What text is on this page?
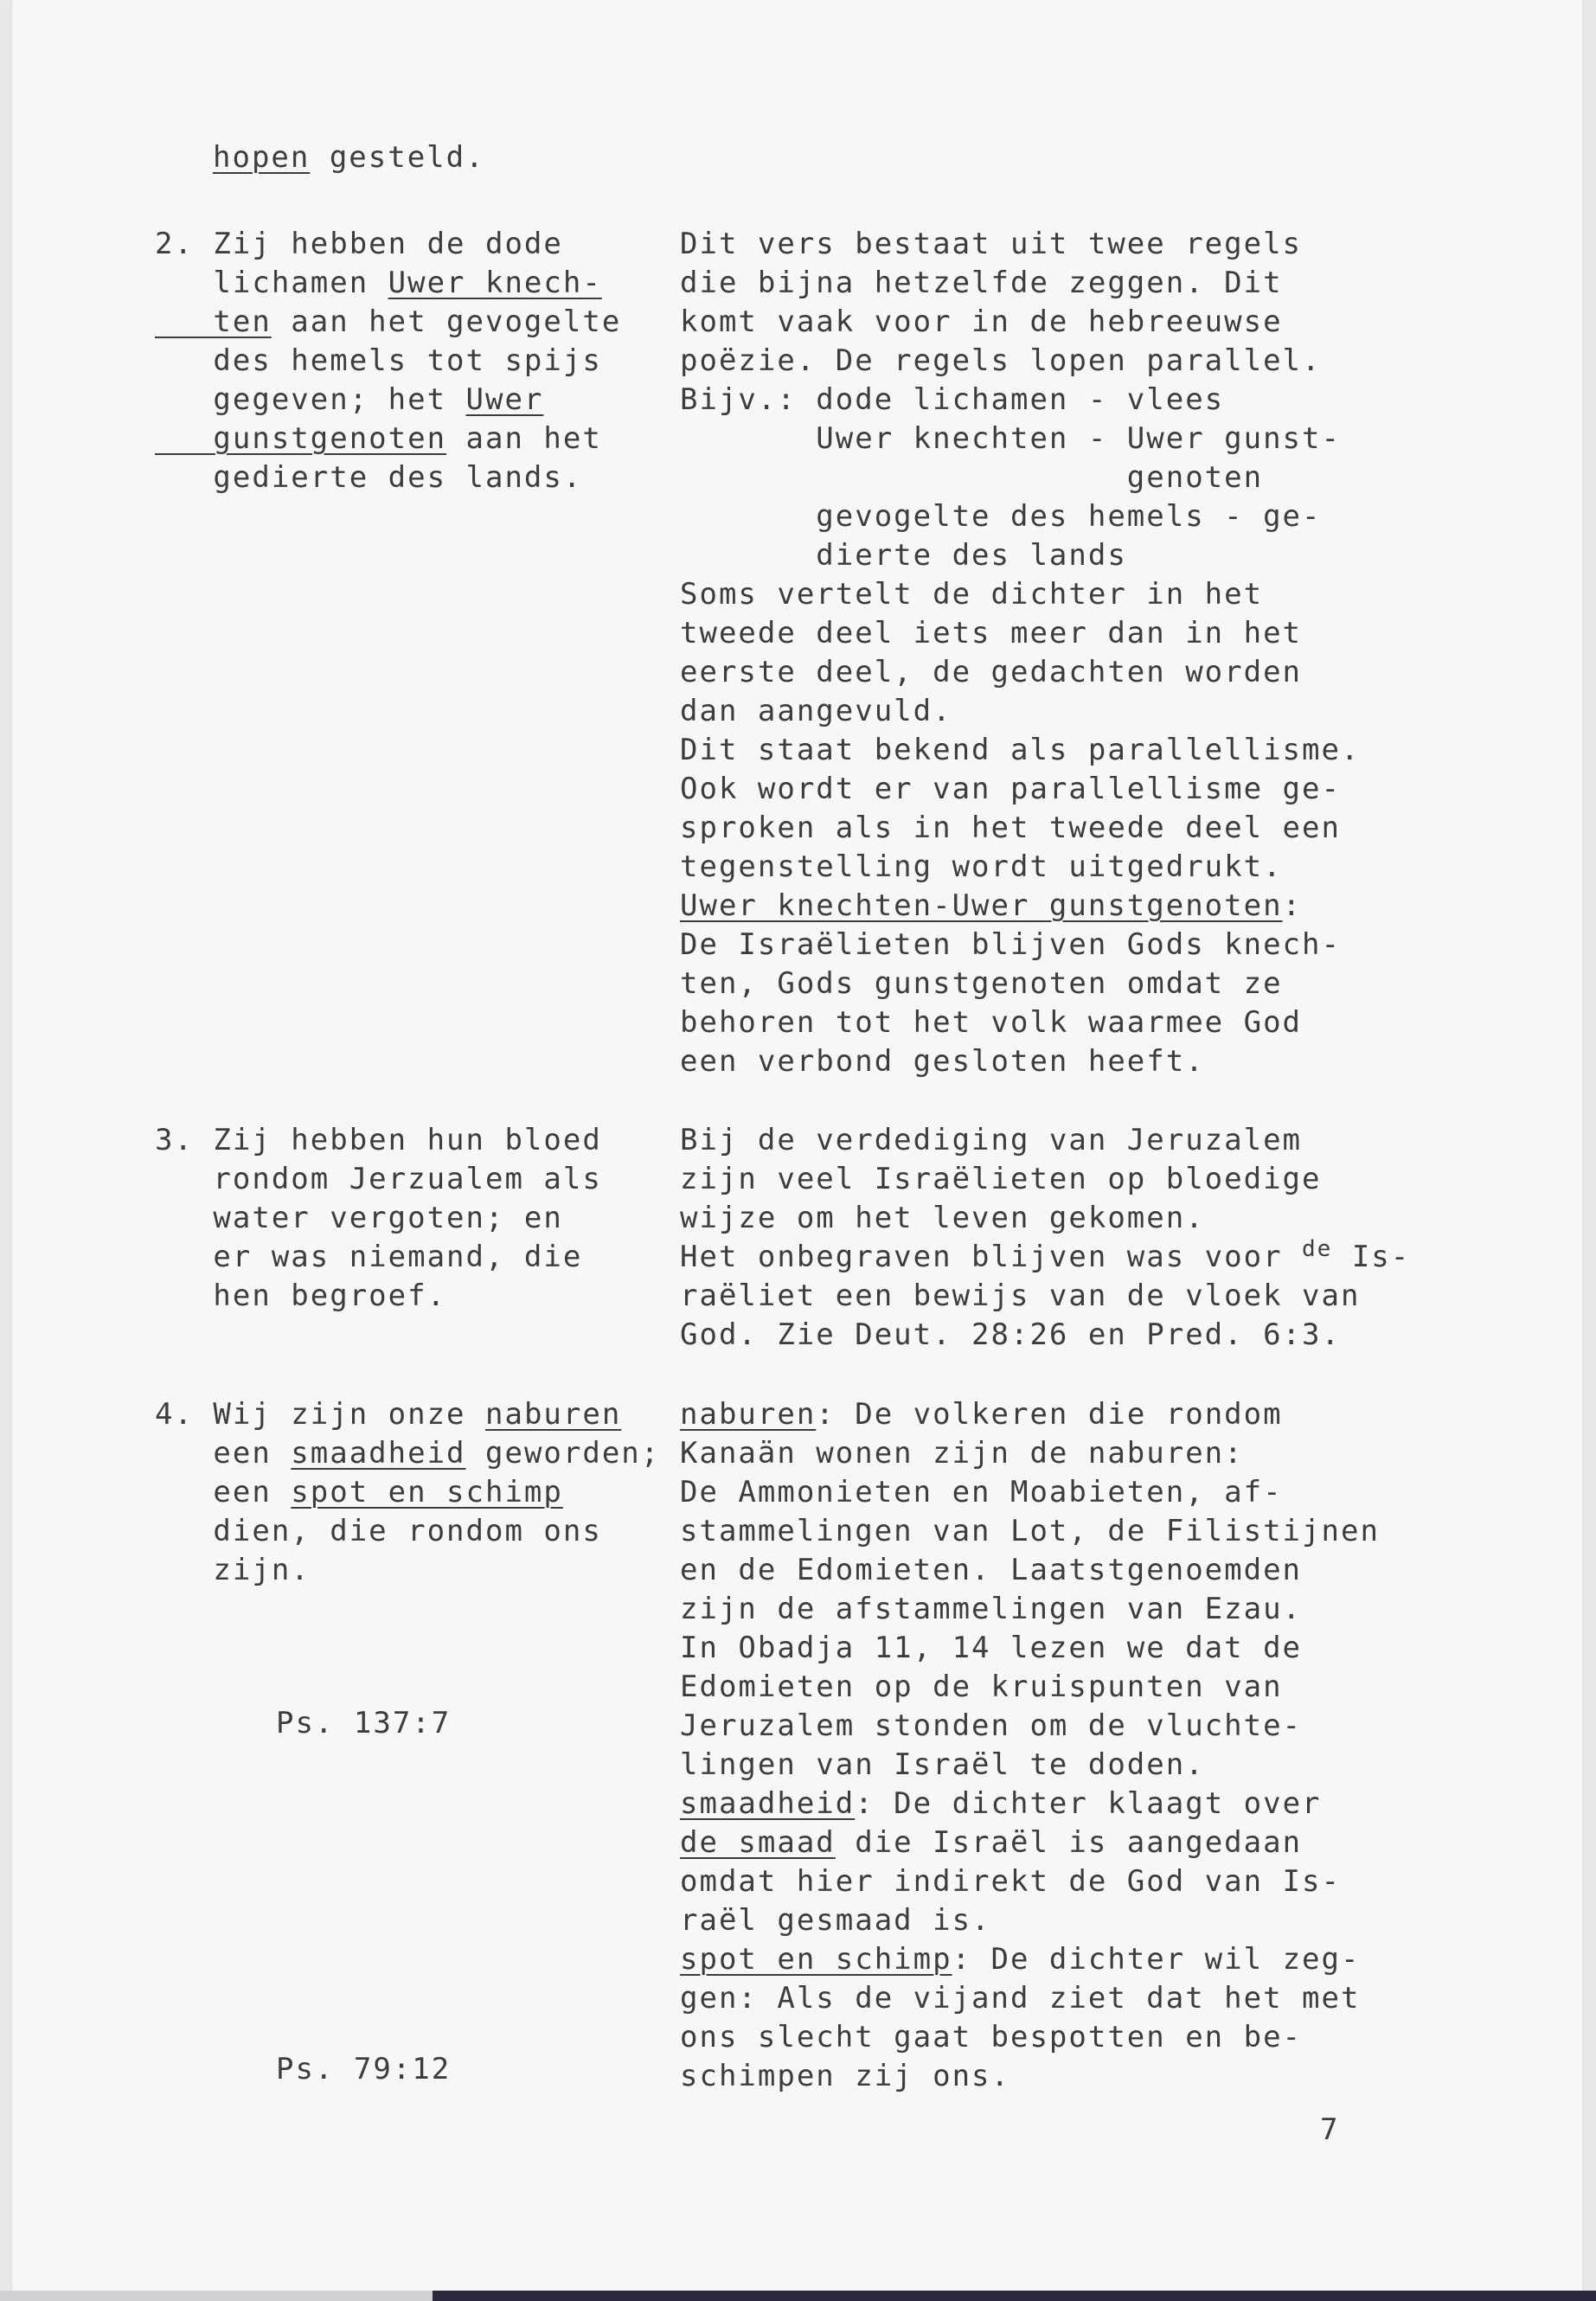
hopen gesteld.
2. Zij hebben de dode
lichamen Uwer knech-
ten aan het gevogelte
des hemels tot spijs
gegeven; het Uwer
gunstgenoten aan het
gedierte des lands.
3. Zij hebben hun bloed
rondom Jerzualem als
water vergoten; en
er was niemand, die
hen begroef.
4. Wij zijn onze naburen
een smaadheid geworden;
een spot en schimp
dien, die rondom ons
zijn.
Ps. 137:7
Ps. 79:12
Dit vers bestaat uit twee regels
die bijna hetzelfde zeggen. Dit
komt vaak voor in de hebreeuwse
poëzie. De regels lopen parallel.
Bijv.: dode lichamen - vlees
Uwer knechten - Uwer gunst-
genoten
gevogelte des hemels - ge-
dierte des lands
Soms vertelt de dichter in het
tweede deel iets meer dan in het
eerste deel, de gedachten worden
dan aangevuld.
Dit staat bekend als parallellisme.
Ook wordt er van parallellisme ge-
sproken als in het tweede deel een
tegenstelling wordt uitgedrukt.
Uwer knechten-Uwer gunstgenoten:
De Israëlieten blijven Gods knech-
ten, Gods gunstgenoten omdat ze
behoren tot het volk waarmee God
een verbond gesloten heeft.
Bij de verdediging van Jeruzalem
zijn veel Israëlieten op bloedige
wijze om het leven gekomen.
Het onbegraven blijven was voor $^{de}$ Is-
raëliet een bewijs van de vloek van
God. Zie Deut. 28:26 en Pred. 6:3.
naburen: De volkeren die rondom
Kanaän wonen zijn de naburen:
De Ammonieten en Moabieten, af-
stammelingen van Lot, de Filistijnen
en de Edomieten. Laatstgenoemden
zijn de afstammelingen van Ezau.
In Obadja 11, 14 lezen we dat de
Edomieten op de kruispunten van
Jeruzalem stonden om de vluchte-
lingen van Israël te doden.
smaadheid: De dichter klaagt over
de smaad die Israël is aangedaan
omdat hier indirekt de God van Is-
raël gesmaad is.
spot en schimp: De dichter wil zeg-
gen: Als de vijand ziet dat het met
ons slecht gaat bespotten en be-
schimpen zij ons.
7
